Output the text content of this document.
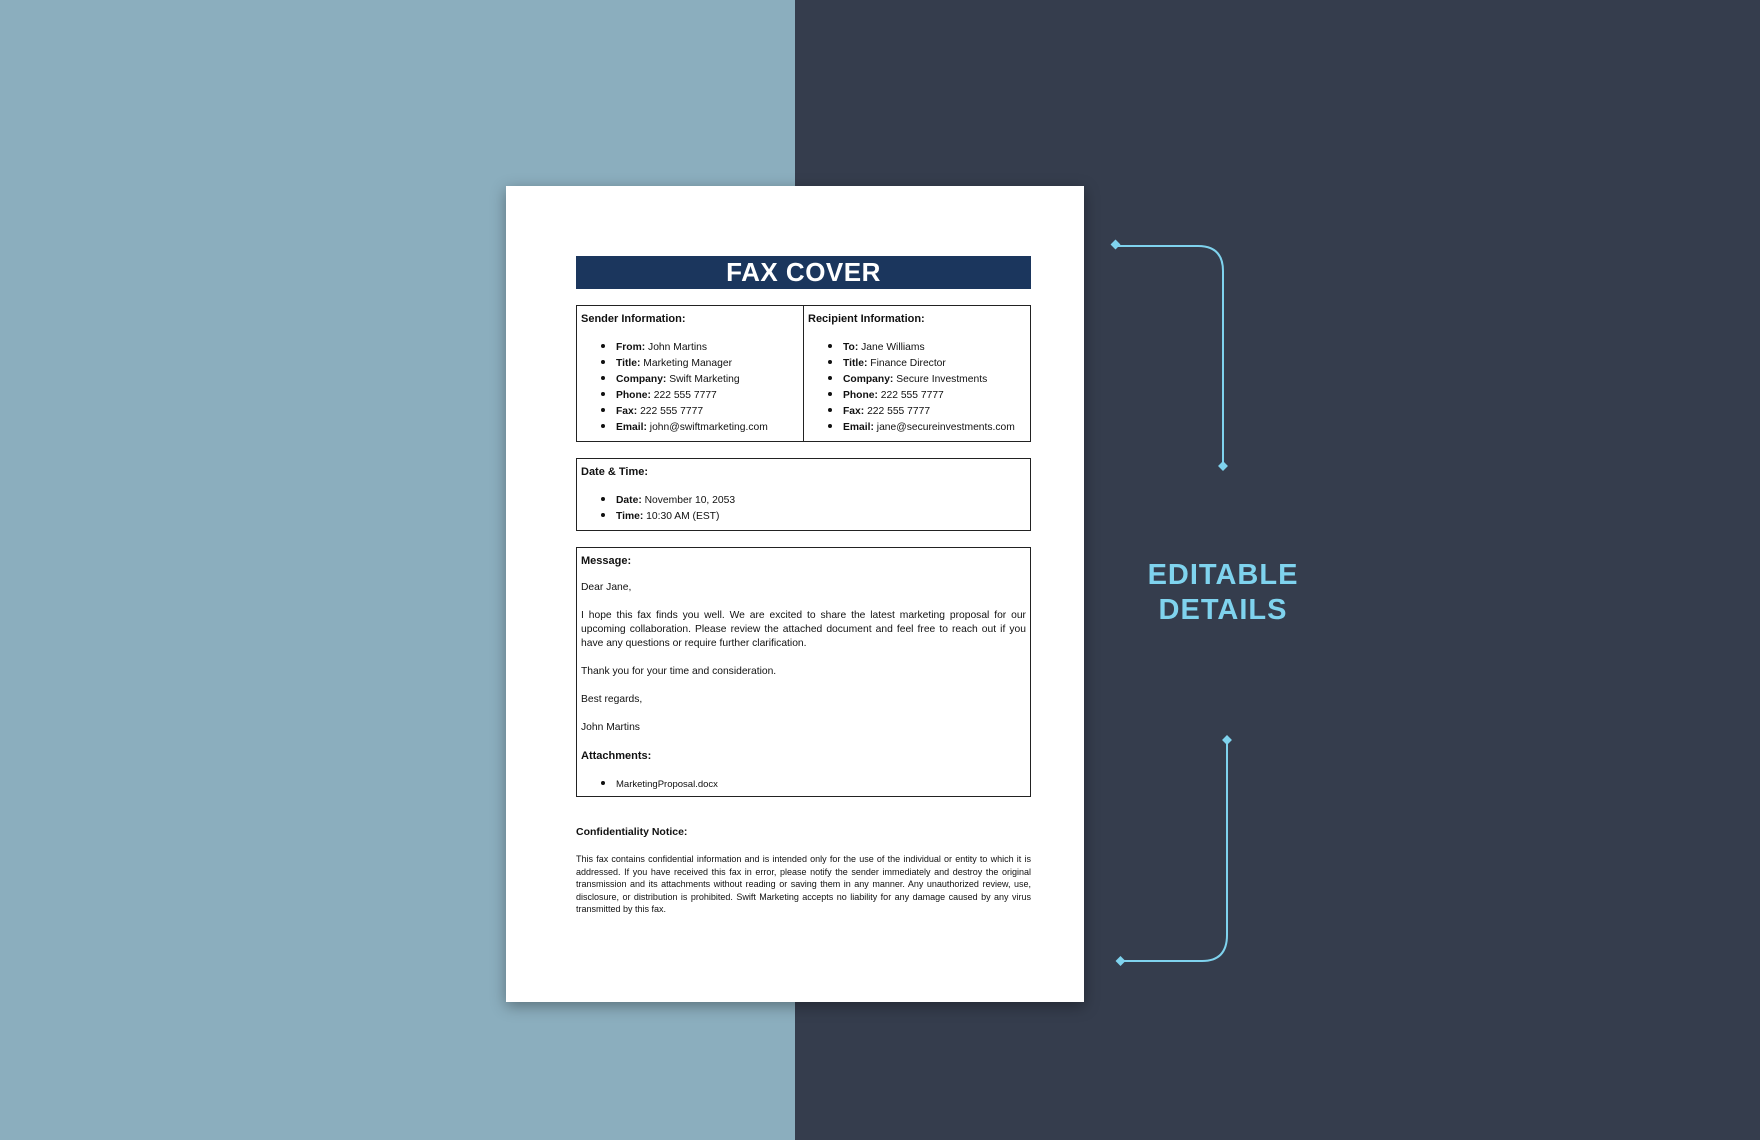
FAX COVER
Sender Information:
• From: John Martins
• Title: Marketing Manager
• Company: Swift Marketing
• Phone: 222 555 7777
• Fax: 222 555 7777
• Email: john@swiftmarketing.com
Recipient Information:
• To: Jane Williams
• Title: Finance Director
• Company: Secure Investments
• Phone: 222 555 7777
• Fax: 222 555 7777
• Email: jane@secureinvestments.com
Date & Time:
• Date: November 10, 2053
• Time: 10:30 AM (EST)
Message:

Dear Jane,

I hope this fax finds you well. We are excited to share the latest marketing proposal for our upcoming collaboration. Please review the attached document and feel free to reach out if you have any questions or require further clarification.

Thank you for your time and consideration.

Best regards,

John Martins

Attachments:
• MarketingProposal.docx
Confidentiality Notice:

This fax contains confidential information and is intended only for the use of the individual or entity to which it is addressed. If you have received this fax in error, please notify the sender immediately and destroy the original transmission and its attachments without reading or saving them in any manner. Any unauthorized review, use, disclosure, or distribution is prohibited. Swift Marketing accepts no liability for any damage caused by any virus transmitted by this fax.

EDITABLE
DETAILS
